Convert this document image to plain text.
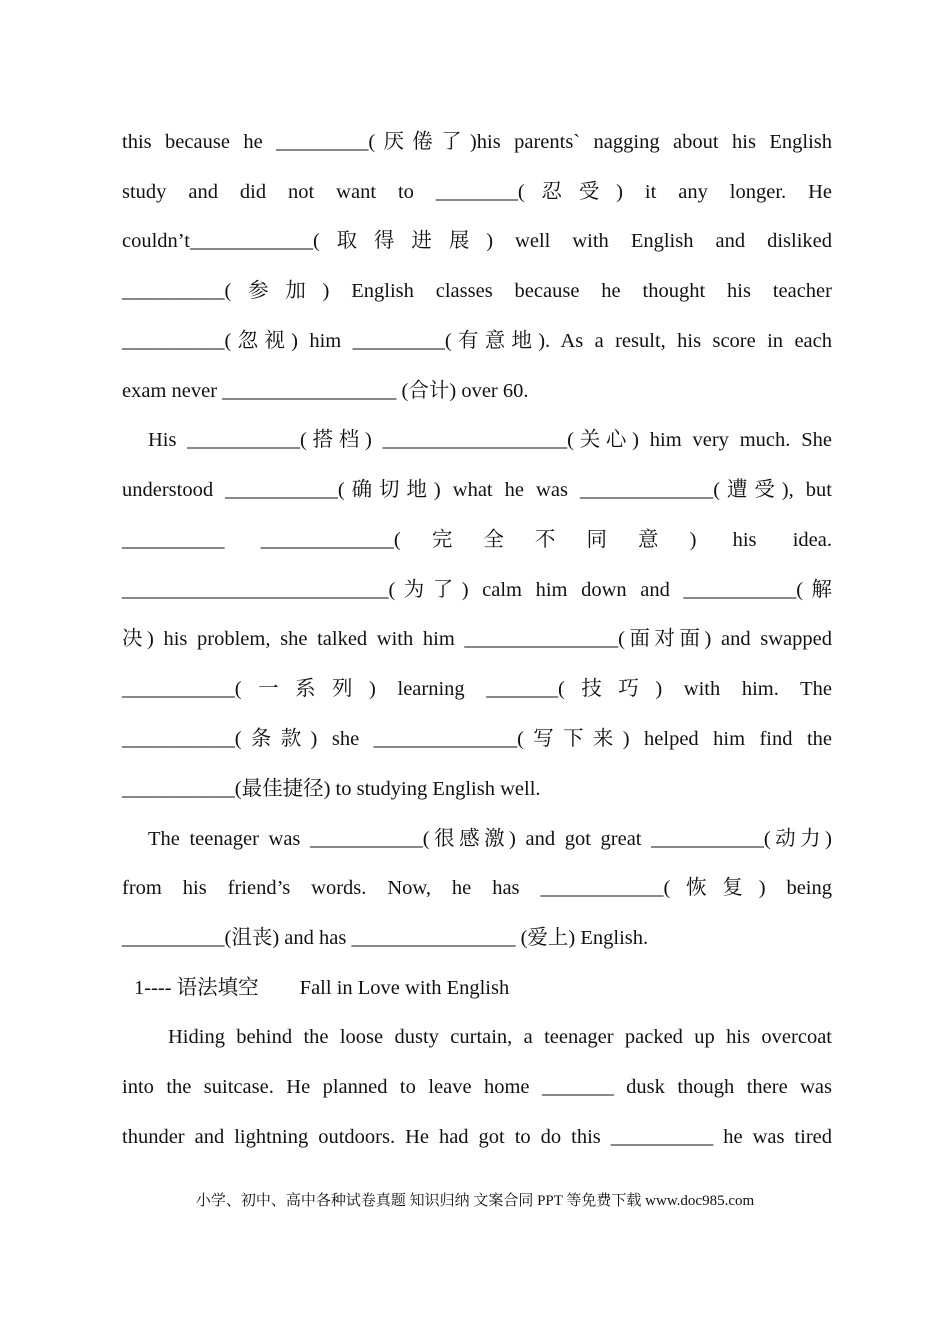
this because he _________(厌倦了)his parents` nagging about his English
study and did not want to ________(忍受) it any longer. He
couldn’t____________(取得进展) well with English and disliked
__________(参加) English classes because he thought his teacher
__________(忽视) him _________(有意地). As a result, his score in each
exam never _________________ (合计) over 60.
His ___________(搭档) __________________(关心) him very much. She
understood ___________(确切地) what he was _____________(遭受), but
__________ _____________(完全不同意) his idea.
__________________________(为了) calm him down and ___________(解
决) his problem, she talked with him _______________(面对面) and swapped
___________(一系列) learning _______(技巧) with him. The
___________(条款) she ______________(写下来) helped him find the
___________(最佳捷径) to studying English well.
The teenager was ___________(很感激) and got great ___________(动力)
from his friend’s words. Now, he has ____________(恢复) being
__________(沮丧) and has ________________ (爱上) English.
1---- 语法填空        Fall in Love with English
Hiding behind the loose dusty curtain, a teenager packed up his overcoat
into the suitcase. He planned to leave home _______ dusk though there was
thunder and lightning outdoors. He had got to do this __________ he was tired
小学、初中、高中各种试卷真题 知识归纳 文案合同 PPT 等免费下载 www.doc985.com
